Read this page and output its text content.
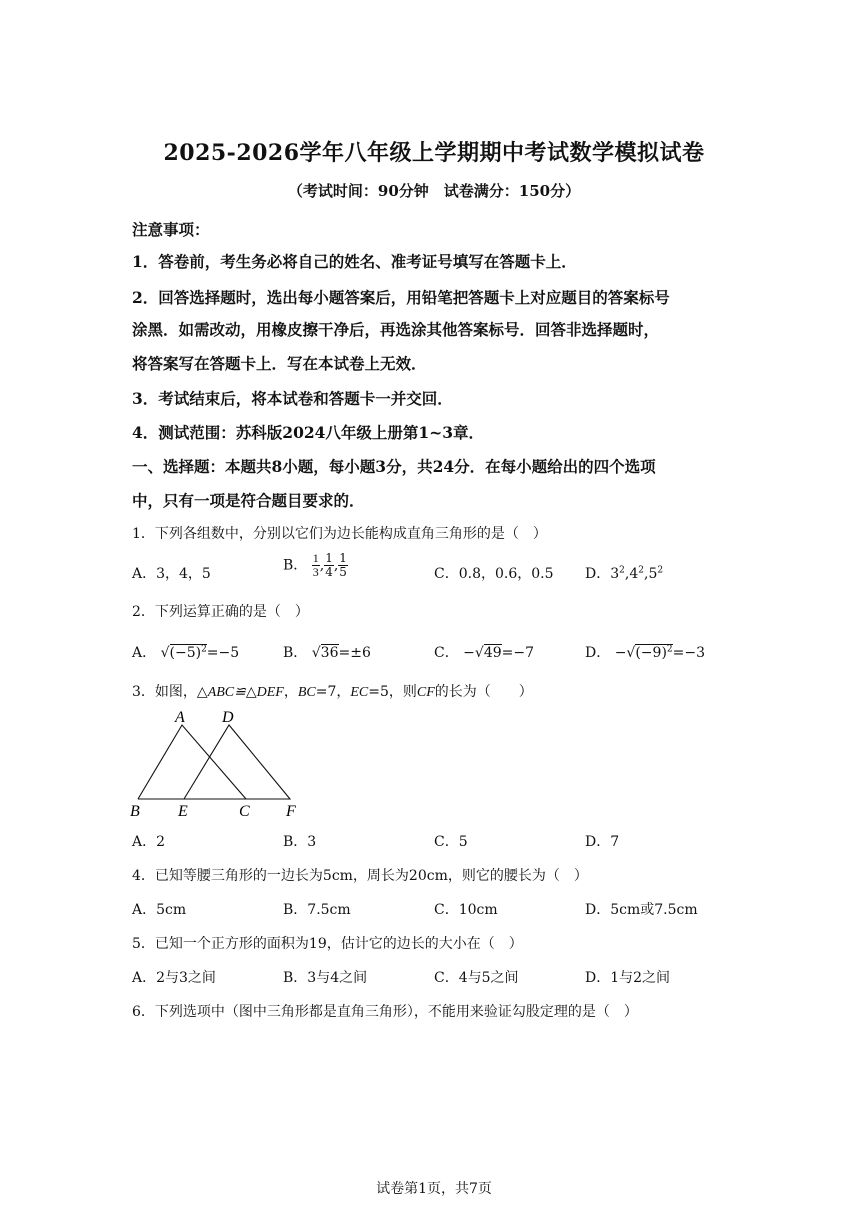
2025-2026学年八年级上学期期中考试数学模拟试卷
（考试时间：90分钟　试卷满分：150分）
注意事项：
1．答卷前，考生务必将自己的姓名、准考证号填写在答题卡上．
2．回答选择题时，选出每小题答案后，用铅笔把答题卡上对应题目的答案标号
涂黑．如需改动，用橡皮擦干净后，再选涂其他答案标号．回答非选择题时，
将答案写在答题卡上．写在本试卷上无效．
3．考试结束后，将本试卷和答题卡一并交回．
4．测试范围：苏科版2024八年级上册第1~3章．
一、选择题：本题共8小题，每小题3分，共24分．在每小题给出的四个选项
中，只有一项是符合题目要求的．
1．下列各组数中，分别以它们为边长能构成直角三角形的是（　）
A．3，4，5
B． $\frac{1}{3}$ , $\frac{1}{4}$ , $\frac{1}{5}$	C．0.8，0.6，0.5 D．$3^2,4^2,5^2$
2．下列运算正确的是（　）
A． $√(-5)^2=-5$	B． √36=±6	C． −√49=−7	D． $-√(-9)^2=-3$
3．如图，△ABC≌△DEF，BC=7，EC=5，则CF的长为（　　）
A D
B E	C F
A．2	B．3	C．5	D．7
4．已知等腰三角形的一边长为5cm，周长为20cm，则它的腰长为（　）
A．5cm	B．7.5cm	C．10cm	D．5cm或7.5cm
5．已知一个正方形的面积为19，估计它的边长的大小在（　）
A．2与3之间	B．3与4之间	C．4与5之间	D．1与2之间
6．下列选项中（图中三角形都是直角三角形），不能用来验证勾股定理的是（　）
试卷第1页，共7页
